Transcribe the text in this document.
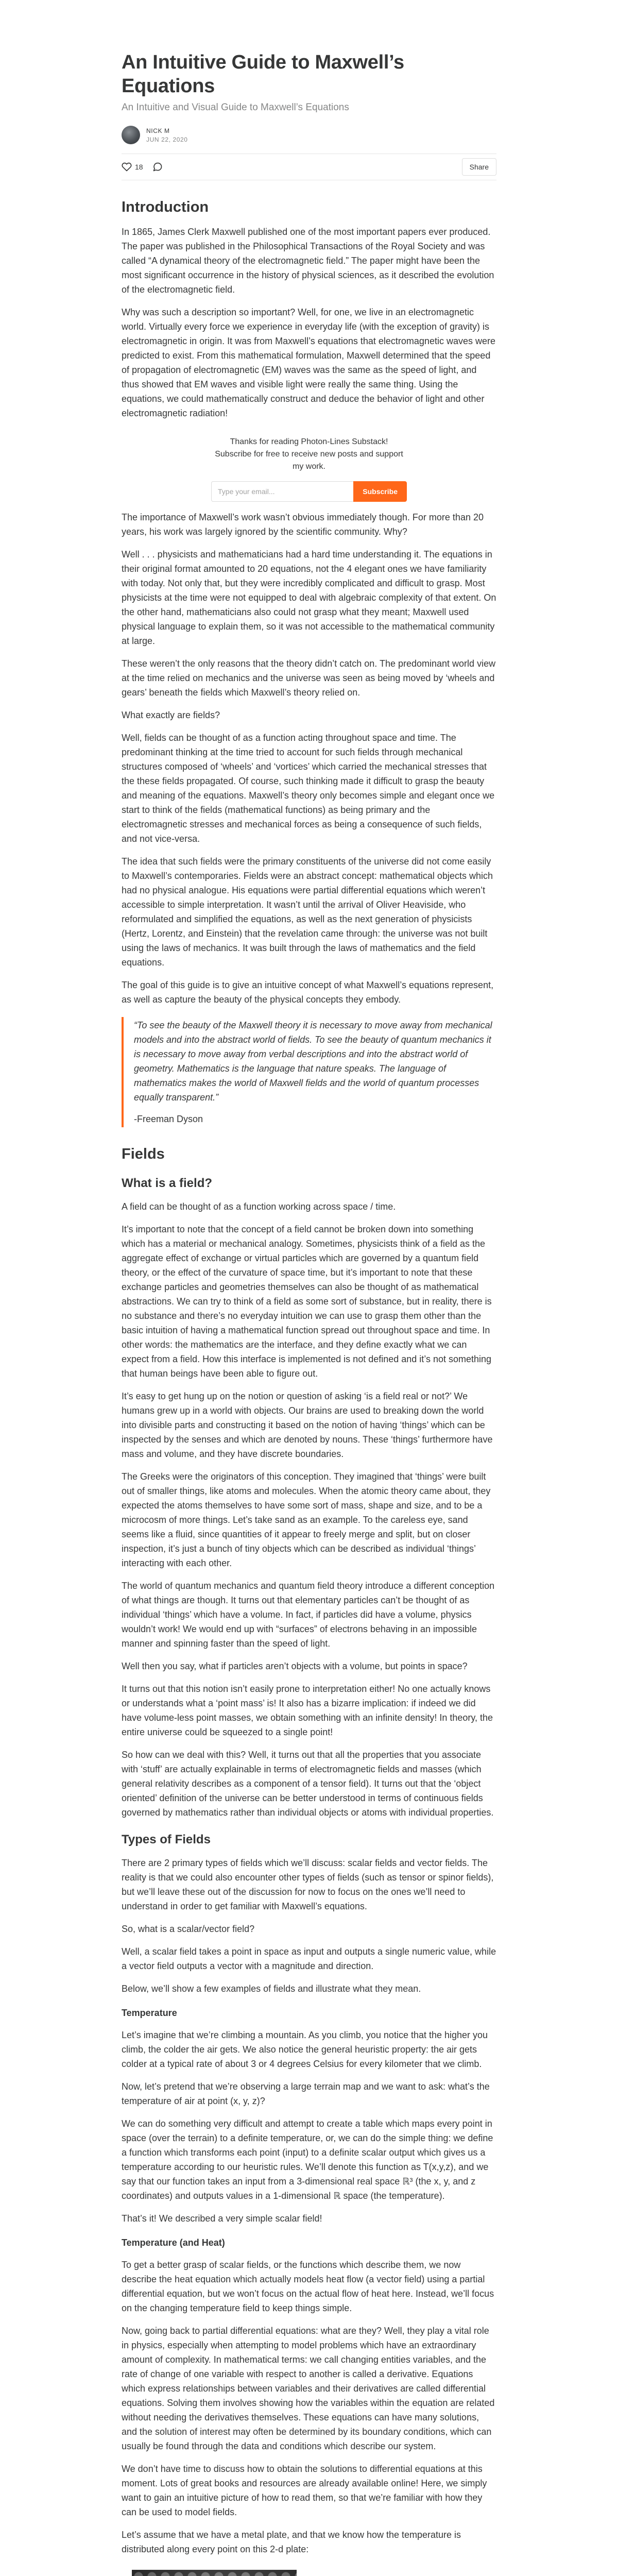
An Intuitive Guide to Maxwell’s Equations
An Intuitive and Visual Guide to Maxwell’s Equations
NICK M
JUN 22, 2020
18	Share
Introduction

In 1865, James Clerk Maxwell published one of the most important papers ever produced. The paper was published in the Philosophical Transactions of the Royal Society and was called “A dynamical theory of the electromagnetic field.” The paper might have been the most significant occurrence in the history of physical sciences, as it described the evolution of the electromagnetic field.

Why was such a description so important? Well, for one, we live in an electromagnetic world. Virtually every force we experience in everyday life (with the exception of gravity) is electromagnetic in origin. It was from Maxwell’s equations that electromagnetic waves were predicted to exist. From this mathematical formulation, Maxwell determined that the speed of propagation of electromagnetic (EM) waves was the same as the speed of light, and thus showed that EM waves and visible light were really the same thing. Using the equations, we could mathematically construct and deduce the behavior of light and other electromagnetic radiation!

Thanks for reading Photon-Lines Substack! Subscribe for free to receive new posts and support my work.

Type your email...
Subscribe

The importance of Maxwell’s work wasn’t obvious immediately though. For more than 20 years, his work was largely ignored by the scientific community. Why?

Well . . . physicists and mathematicians had a hard time understanding it. The equations in their original format amounted to 20 equations, not the 4 elegant ones we have familiarity with today. Not only that, but they were incredibly complicated and difficult to grasp. Most physicists at the time were not equipped to deal with algebraic complexity of that extent. On the other hand, mathematicians also could not grasp what they meant; Maxwell used physical language to explain them, so it was not accessible to the mathematical community at large.

These weren’t the only reasons that the theory didn’t catch on. The predominant world view at the time relied on mechanics and the universe was seen as being moved by ‘wheels and gears’ beneath the fields which Maxwell’s theory relied on.

What exactly are fields?

Well, fields can be thought of as a function acting throughout space and time. The predominant thinking at the time tried to account for such fields through mechanical structures composed of ‘wheels’ and ‘vortices’ which carried the mechanical stresses that the these fields propagated. Of course, such thinking made it difficult to grasp the beauty and meaning of the equations. Maxwell’s theory only becomes simple and elegant once we start to think of the fields (mathematical functions) as being primary and the electromagnetic stresses and mechanical forces as being a consequence of such fields, and not vice-versa.

The idea that such fields were the primary constituents of the universe did not come easily to Maxwell’s contemporaries. Fields were an abstract concept: mathematical objects which had no physical analogue. His equations were partial differential equations which weren’t accessible to simple interpretation. It wasn’t until the arrival of Oliver Heaviside, who reformulated and simplified the equations, as well as the next generation of physicists (Hertz, Lorentz, and Einstein) that the revelation came through: the universe was not built using the laws of mechanics. It was built through the laws of mathematics and the field equations.

The goal of this guide is to give an intuitive concept of what Maxwell’s equations represent, as well as capture the beauty of the physical concepts they embody.

“To see the beauty of the Maxwell theory it is necessary to move away from mechanical models and into the abstract world of fields. To see the beauty of quantum mechanics it is necessary to move away from verbal descriptions and into the abstract world of geometry. Mathematics is the language that nature speaks. The language of mathematics makes the world of Maxwell fields and the world of quantum processes equally transparent.”

-Freeman Dyson

Fields
What is a field?

A field can be thought of as a function working across space / time.

It’s important to note that the concept of a field cannot be broken down into something which has a material or mechanical analogy. Sometimes, physicists think of a field as the aggregate effect of exchange or virtual particles which are governed by a quantum field theory, or the effect of the curvature of space time, but it’s important to note that these exchange particles and geometries themselves can also be thought of as mathematical abstractions. We can try to think of a field as some sort of substance, but in reality, there is no substance and there’s no everyday intuition we can use to grasp them other than the basic intuition of having a mathematical function spread out throughout space and time. In other words: the mathematics are the interface, and they define exactly what we can expect from a field. How this interface is implemented is not defined and it’s not something that human beings have been able to figure out.

It’s easy to get hung up on the notion or question of asking ‘is a field real or not?’ We humans grew up in a world with objects. Our brains are used to breaking down the world into divisible parts and constructing it based on the notion of having ‘things’ which can be inspected by the senses and which are denoted by nouns. These ‘things’ furthermore have mass and volume, and they have discrete boundaries.

The Greeks were the originators of this conception. They imagined that ‘things’ were built out of smaller things, like atoms and molecules. When the atomic theory came about, they expected the atoms themselves to have some sort of mass, shape and size, and to be a microcosm of more things. Let’s take sand as an example. To the careless eye, sand seems like a fluid, since quantities of it appear to freely merge and split, but on closer inspection, it’s just a bunch of tiny objects which can be described as individual ‘things’ interacting with each other.

The world of quantum mechanics and quantum field theory introduce a different conception of what things are though. It turns out that elementary particles can’t be thought of as individual ‘things’ which have a volume. In fact, if particles did have a volume, physics wouldn’t work! We would end up with “surfaces” of electrons behaving in an impossible manner and spinning faster than the speed of light.

Well then you say, what if particles aren’t objects with a volume, but points in space?

It turns out that this notion isn’t easily prone to interpretation either! No one actually knows or understands what a ‘point mass’ is! It also has a bizarre implication: if indeed we did have volume-less point masses, we obtain something with an infinite density! In theory, the entire universe could be squeezed to a single point!

So how can we deal with this? Well, it turns out that all the properties that you associate with ‘stuff’ are actually explainable in terms of electromagnetic fields and masses (which general relativity describes as a component of a tensor field). It turns out that the ‘object oriented’ definition of the universe can be better understood in terms of continuous fields governed by mathematics rather than individual objects or atoms with individual properties.

Types of Fields

There are 2 primary types of fields which we’ll discuss: scalar fields and vector fields. The reality is that we could also encounter other types of fields (such as tensor or spinor fields), but we’ll leave these out of the discussion for now to focus on the ones we’ll need to understand in order to get familiar with Maxwell’s equations.

So, what is a scalar/vector field?

Well, a scalar field takes a point in space as input and outputs a single numeric value, while a vector field outputs a vector with a magnitude and direction.

Below, we’ll show a few examples of fields and illustrate what they mean.

Temperature

Let’s imagine that we’re climbing a mountain. As you climb, you notice that the higher you climb, the colder the air gets. We also notice the general heuristic property: the air gets colder at a typical rate of about 3 or 4 degrees Celsius for every kilometer that we climb.

Now, let’s pretend that we’re observing a large terrain map and we want to ask: what’s the temperature of air at point (x, y, z)?

We can do something very difficult and attempt to create a table which maps every point in space (over the terrain) to a definite temperature, or, we can do the simple thing: we define a function which transforms each point (input) to a definite scalar output which gives us a temperature according to our heuristic rules. We’ll denote this function as T(x,y,z), and we say that our function takes an input from a 3-dimensional real space ℝ³ (the x, y, and z coordinates) and outputs values in a 1-dimensional ℝ space (the temperature).

That’s it! We described a very simple scalar field!

Temperature (and Heat)

To get a better grasp of scalar fields, or the functions which describe them, we now describe the heat equation which actually models heat flow (a vector field) using a partial differential equation, but we won’t focus on the actual flow of heat here. Instead, we’ll focus on the changing temperature field to keep things simple.

Now, going back to partial differential equations: what are they? Well, they play a vital role in physics, especially when attempting to model problems which have an extraordinary amount of complexity. In mathematical terms: we call changing entities variables, and the rate of change of one variable with respect to another is called a derivative. Equations which express relationships between variables and their derivatives are called differential equations. Solving them involves showing how the variables within the equation are related without needing the derivatives themselves. These equations can have many solutions, and the solution of interest may often be determined by its boundary conditions, which can usually be found through the data and conditions which describe our system.

We don’t have time to discuss how to obtain the solutions to differential equations at this moment. Lots of great books and resources are already available online! Here, we simply want to gain an intuitive picture of how to read them, so that we’re familiar with how they can be used to model fields.

Let’s assume that we have a metal plate, and that we know how the temperature is distributed along every point on this 2-d plate:
